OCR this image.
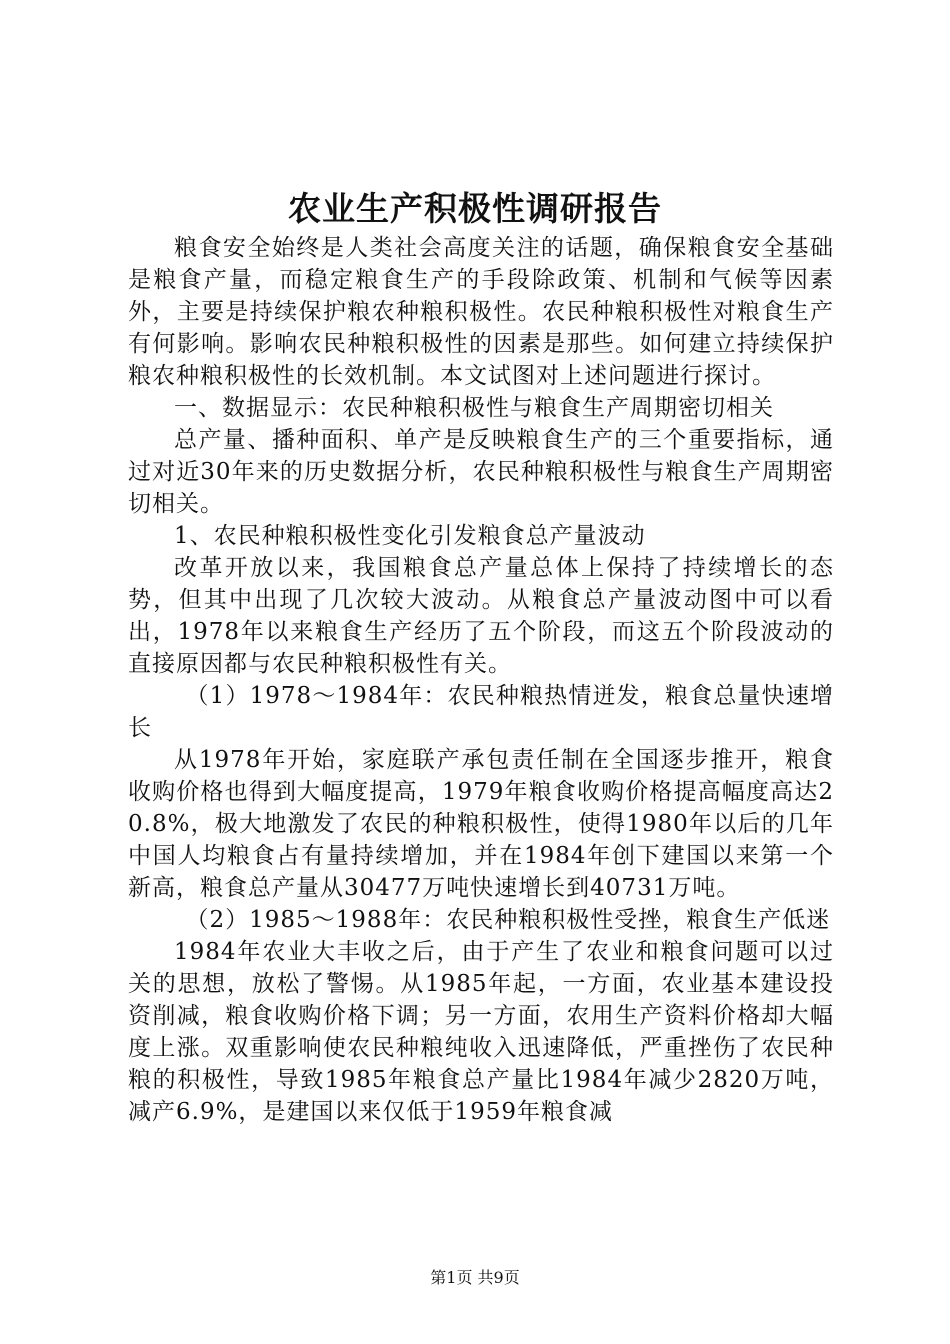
农业生产积极性调研报告

粮食安全始终是人类社会高度关注的话题，确保粮食安全基础是粮食产量，而稳定粮食生产的手段除政策、机制和气候等因素外，主要是持续保护粮农种粮积极性。农民种粮积极性对粮食生产有何影响。影响农民种粮积极性的因素是那些。如何建立持续保护粮农种粮积极性的长效机制。本文试图对上述问题进行探讨。

一、数据显示：农民种粮积极性与粮食生产周期密切相关

总产量、播种面积、单产是反映粮食生产的三个重要指标，通过对近30年来的历史数据分析，农民种粮积极性与粮食生产周期密切相关。

1、农民种粮积极性变化引发粮食总产量波动

改革开放以来，我国粮食总产量总体上保持了持续增长的态势，但其中出现了几次较大波动。从粮食总产量波动图中可以看出，1978年以来粮食生产经历了五个阶段，而这五个阶段波动的直接原因都与农民种粮积极性有关。

（1）1978～1984年：农民种粮热情迸发，粮食总量快速增长

从1978年开始，家庭联产承包责任制在全国逐步推开，粮食收购价格也得到大幅度提高，1979年粮食收购价格提高幅度高达20.8%，极大地激发了农民的种粮积极性，使得1980年以后的几年中国人均粮食占有量持续增加，并在1984年创下建国以来第一个新高，粮食总产量从30477万吨快速增长到40731万吨。

（2）1985～1988年：农民种粮积极性受挫，粮食生产低迷

1984年农业大丰收之后，由于产生了农业和粮食问题可以过关的思想，放松了警惕。从1985年起，一方面，农业基本建设投资削减，粮食收购价格下调；另一方面，农用生产资料价格却大幅度上涨。双重影响使农民种粮纯收入迅速降低，严重挫伤了农民种粮的积极性，导致1985年粮食总产量比1984年减少2820万吨，减产6.9%，是建国以来仅低于1959年粮食减

第1页 共9页
